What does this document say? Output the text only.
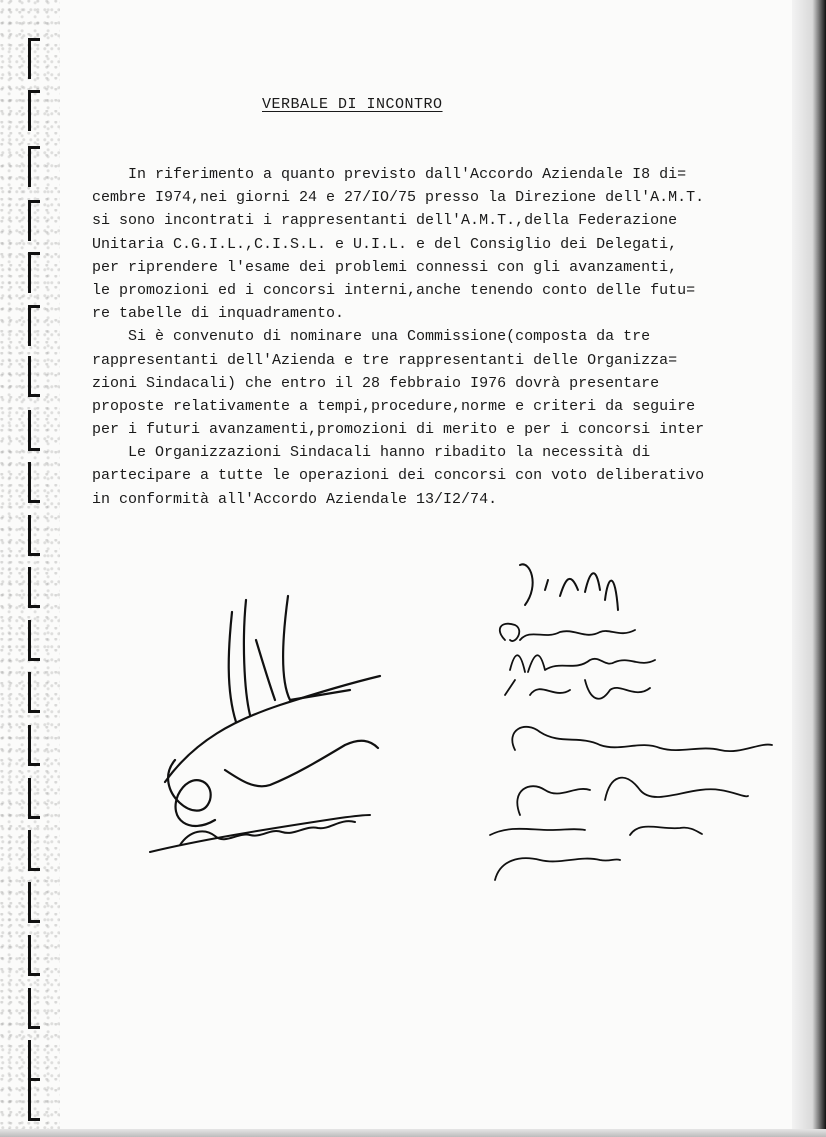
VERBALE DI INCONTRO
In riferimento a quanto previsto dall'Accordo Aziendale I8 di=
cembre I974,nei giorni 24 e 27/IO/75 presso la Direzione dell'A.M.T.
si sono incontrati i rappresentanti dell'A.M.T.,della Federazione
Unitaria C.G.I.L.,C.I.S.L. e U.I.L. e del Consiglio dei Delegati,
per riprendere l'esame dei problemi connessi con gli avanzamenti,
le promozioni ed i concorsi interni,anche tenendo conto delle futu=
re tabelle di inquadramento.
Si è convenuto di nominare una Commissione(composta da tre
rappresentanti dell'Azienda e tre rappresentanti delle Organizza=
zioni Sindacali) che entro il 28 febbraio I976 dovrà presentare
proposte relativamente a tempi,procedure,norme e criteri da seguire
per i futuri avanzamenti,promozioni di merito e per i concorsi inter
Le Organizzazioni Sindacali hanno ribadito la necessità di
partecipare a tutte le operazioni dei concorsi con voto deliberativo
in conformità all'Accordo Aziendale 13/I2/74.
